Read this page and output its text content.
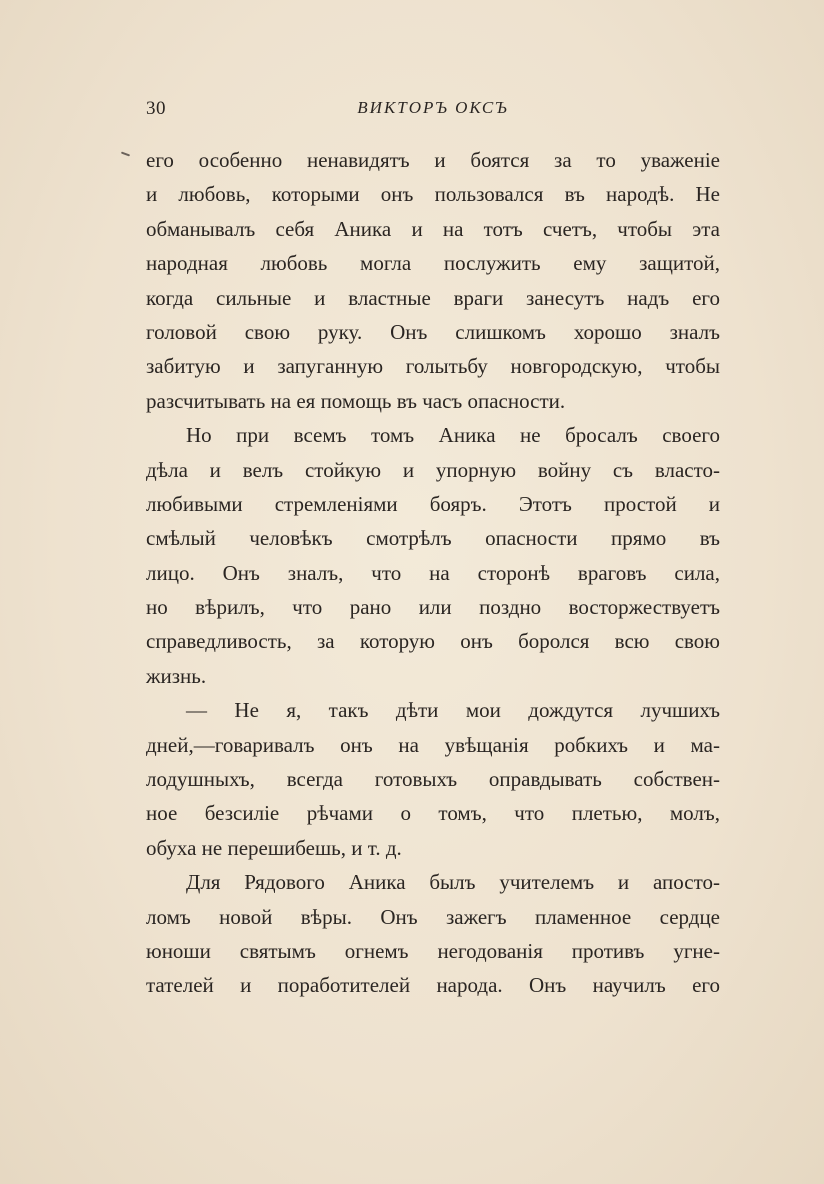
30	ВИКТОРЪ ОКСЪ
его особенно ненавидятъ и боятся за то уваженіе
и любовь, которыми онъ пользовался въ народѣ. Не
обманывалъ себя Аника и на тотъ счетъ, чтобы эта
народная любовь могла послужить ему защитой,
когда сильные и властные враги занесутъ надъ его
головой свою руку. Онъ слишкомъ хорошо зналъ
забитую и запуганную голытьбу новгородскую, чтобы
разсчитывать на ея помощь въ часъ опасности.
Но при всемъ томъ Аника не бросалъ своего
дѣла и велъ стойкую и упорную войну съ власто-
любивыми стремленіями бояръ. Этотъ простой и
смѣлый человѣкъ смотрѣлъ опасности прямо въ
лицо. Онъ зналъ, что на сторонѣ враговъ сила,
но вѣрилъ, что рано или поздно восторжествуетъ
справедливость, за которую онъ боролся всю свою
жизнь.
— Не я, такъ дѣти мои дождутся лучшихъ
дней,—говаривалъ онъ на увѣщанія робкихъ и ма-
лодушныхъ, всегда готовыхъ оправдывать собствен-
ное безсиліе рѣчами о томъ, что плетью, молъ,
обуха не перешибешь, и т. д.
Для Рядового Аника былъ учителемъ и апосто-
ломъ новой вѣры. Онъ зажегъ пламенное сердце
юноши святымъ огнемъ негодованія противъ угне-
тателей и поработителей народа. Онъ научилъ его
